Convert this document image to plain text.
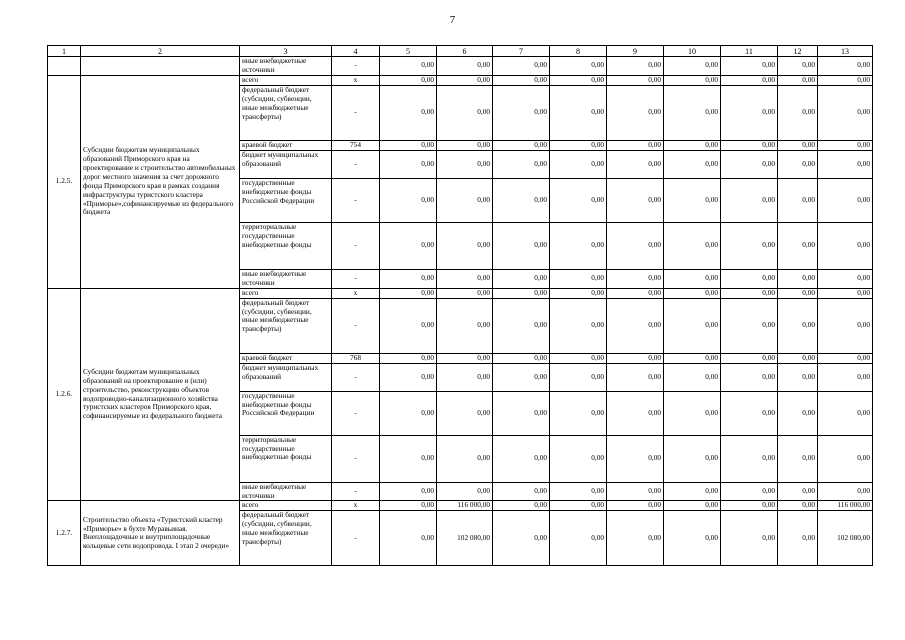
7
1	2	3	4	5	6	7	8	9	10	11	12	13
		иные внебюджетные источники	-	0,00	0,00	0,00	0,00	0,00	0,00	0,00	0,00	0,00
1.2.5.	Субсидии бюджетам муниципальных образований Приморского края на проектирование и строительство автомобильных дорог местного значения за счет дорожного фонда Приморского края в рамках создания инфраструктуры туристского кластера «Приморье»,софинансируемые из федерального бюджета	всего	x	0,00	0,00	0,00	0,00	0,00	0,00	0,00	0,00	0,00
		федеральный бюджет (субсидии, субвенции, иные межбюджетные трансферты)	-	0,00	0,00	0,00	0,00	0,00	0,00	0,00	0,00	0,00
		краевой бюджет	754	0,00	0,00	0,00	0,00	0,00	0,00	0,00	0,00	0,00
		бюджет муниципальных образований	-	0,00	0,00	0,00	0,00	0,00	0,00	0,00	0,00	0,00
		государственные внебюджетные фонды Российской Федерации	-	0,00	0,00	0,00	0,00	0,00	0,00	0,00	0,00	0,00
		территориальные государственные внебюджетные фонды	-	0,00	0,00	0,00	0,00	0,00	0,00	0,00	0,00	0,00
		иные внебюджетные источники	-	0,00	0,00	0,00	0,00	0,00	0,00	0,00	0,00	0,00
1.2.6.	Субсидии бюджетам муниципальных образований на проектирование и (или) строительство, реконструкцию объектов водопроводно-канализационного хозяйства туристских кластеров Приморского края, софинансируемые из федерального бюджета	всего	x	0,00	0,00	0,00	0,00	0,00	0,00	0,00	0,00	0,00
		федеральный бюджет (субсидии, субвенции, иные межбюджетные трансферты)	-	0,00	0,00	0,00	0,00	0,00	0,00	0,00	0,00	0,00
		краевой бюджет	768	0,00	0,00	0,00	0,00	0,00	0,00	0,00	0,00	0,00
		бюджет муниципальных образований	-	0,00	0,00	0,00	0,00	0,00	0,00	0,00	0,00	0,00
		государственные внебюджетные фонды Российской Федерации	-	0,00	0,00	0,00	0,00	0,00	0,00	0,00	0,00	0,00
		территориальные государственные внебюджетные фонды	-	0,00	0,00	0,00	0,00	0,00	0,00	0,00	0,00	0,00
		иные внебюджетные источники	-	0,00	0,00	0,00	0,00	0,00	0,00	0,00	0,00	0,00
1.2.7.	Строительство объекта «Туристский кластер «Приморье» в бухте Муравьиная. Внеплощадочные и внутриплощадочные кольцевые сети водопровода. I этап 2 очереди»	всего	x	0,00	116 000,00	0,00	0,00	0,00	0,00	0,00	0,00	116 000,00
		федеральный бюджет (субсидии, субвенции, иные межбюджетные трансферты)	-	0,00	102 080,00	0,00	0,00	0,00	0,00	0,00	0,00	102 080,00
